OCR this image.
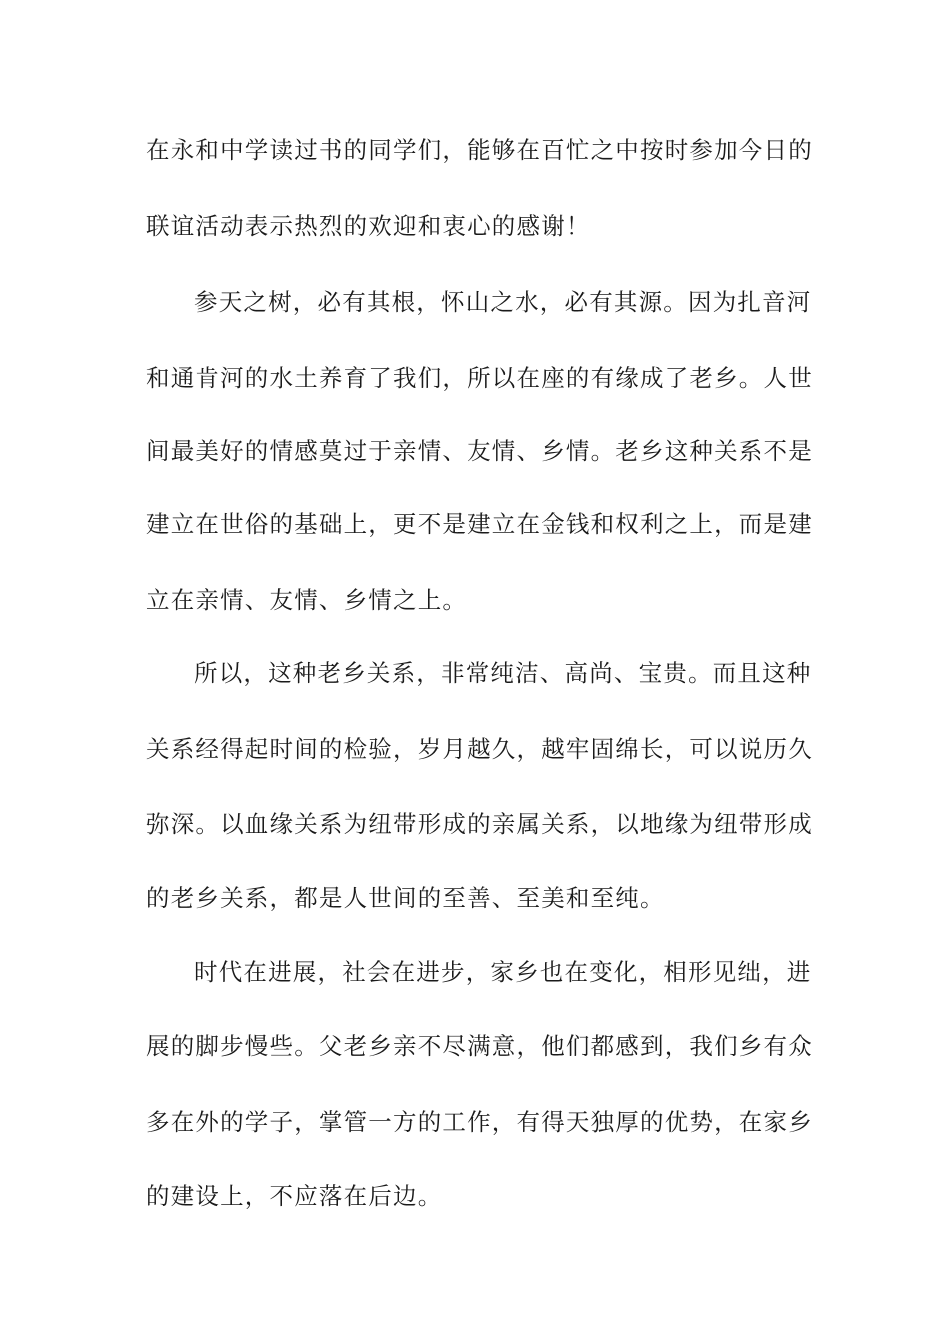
在永和中学读过书的同学们，能够在百忙之中按时参加今日的
联谊活动表示热烈的欢迎和衷心的感谢！
参天之树，必有其根，怀山之水，必有其源。因为扎音河
和通肯河的水土养育了我们，所以在座的有缘成了老乡。人世
间最美好的情感莫过于亲情、友情、乡情。老乡这种关系不是
建立在世俗的基础上，更不是建立在金钱和权利之上，而是建
立在亲情、友情、乡情之上。
所以，这种老乡关系，非常纯洁、高尚、宝贵。而且这种
关系经得起时间的检验，岁月越久，越牢固绵长，可以说历久
弥深。以血缘关系为纽带形成的亲属关系，以地缘为纽带形成
的老乡关系，都是人世间的至善、至美和至纯。
时代在进展，社会在进步，家乡也在变化，相形见绌，进
展的脚步慢些。父老乡亲不尽满意，他们都感到，我们乡有众
多在外的学子，掌管一方的工作，有得天独厚的优势，在家乡
的建设上，不应落在后边。
